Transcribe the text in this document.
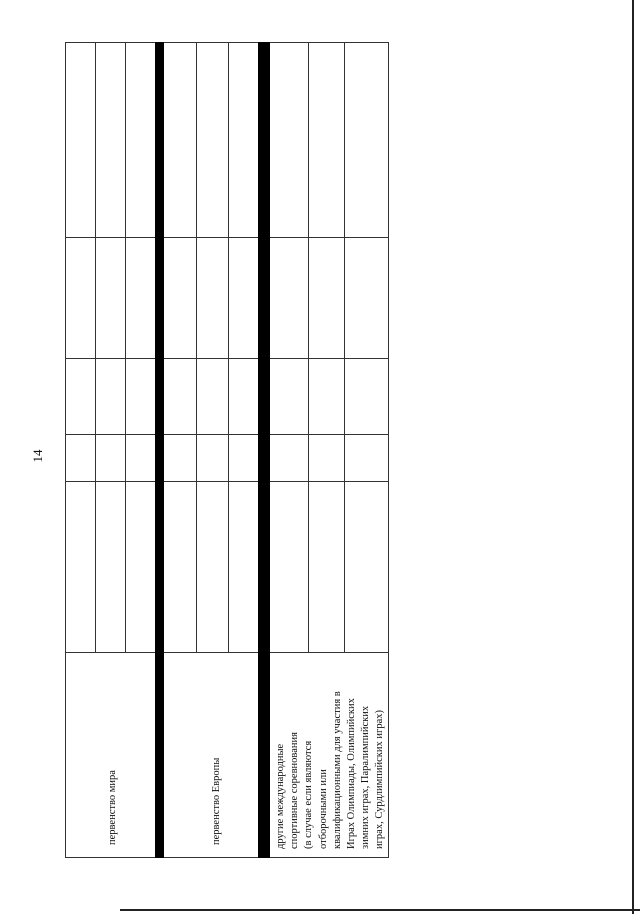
14
первенство мира	первенство Европы	другие международные спортивные соревнования (в случае если являются отборочными или квалификационными для участия в Играх Олимпиады, Олимпийских зимних играх, Паралимпийских играх, Сурдлимпийских играх)
